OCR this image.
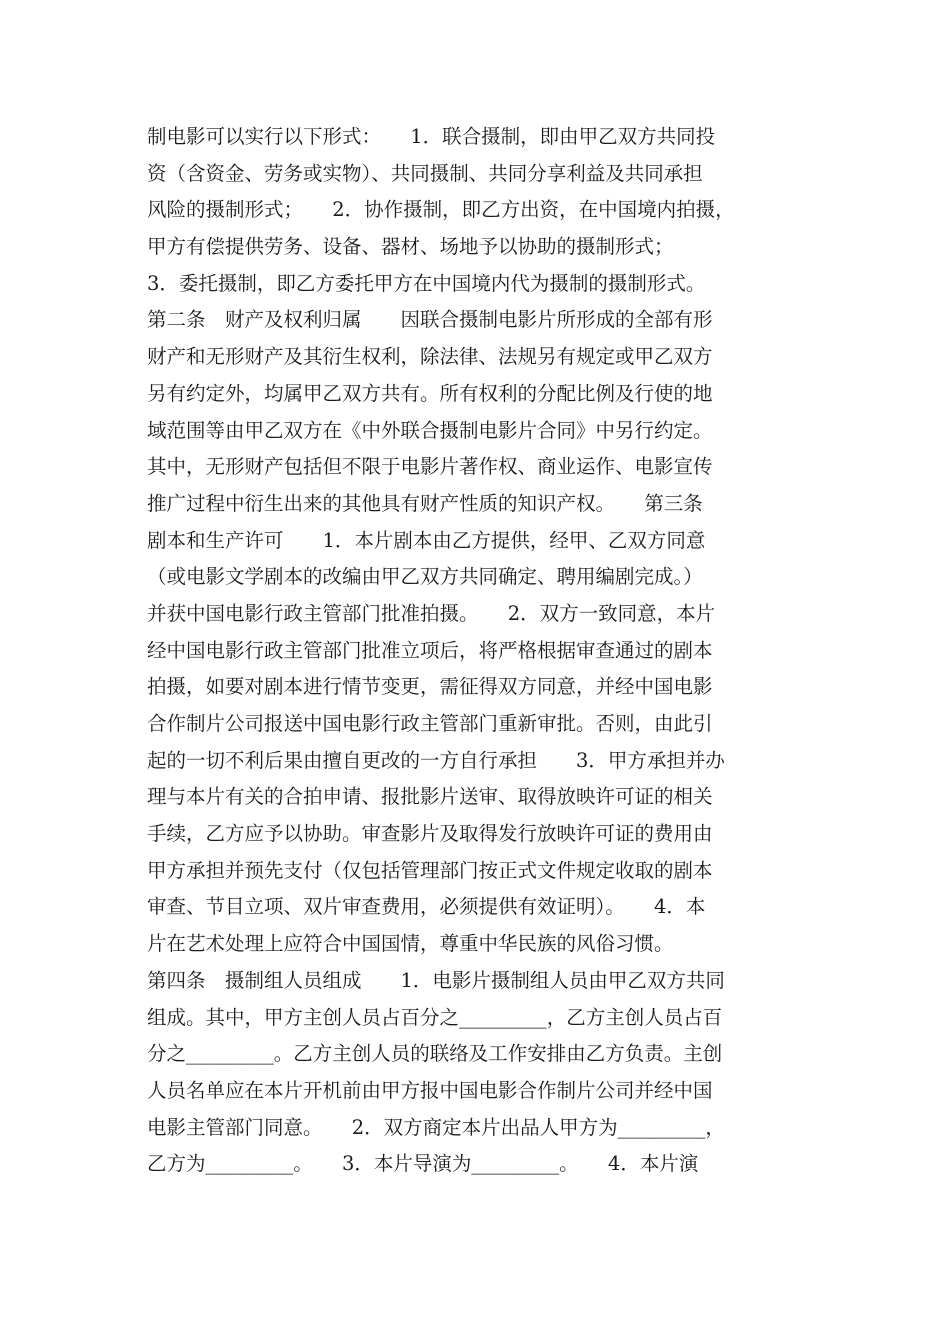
制电影可以实行以下形式：　　1．联合摄制，即由甲乙双方共同投
资（含资金、劳务或实物）、共同摄制、共同分享利益及共同承担
风险的摄制形式；　　2．协作摄制，即乙方出资，在中国境内拍摄，
甲方有偿提供劳务、设备、器材、场地予以协助的摄制形式；
3．委托摄制，即乙方委托甲方在中国境内代为摄制的摄制形式。
第二条　财产及权利归属　　因联合摄制电影片所形成的全部有形
财产和无形财产及其衍生权利，除法律、法规另有规定或甲乙双方
另有约定外，均属甲乙双方共有。所有权利的分配比例及行使的地
域范围等由甲乙双方在《中外联合摄制电影片合同》中另行约定。
其中，无形财产包括但不限于电影片著作权、商业运作、电影宣传
推广过程中衍生出来的其他具有财产性质的知识产权。　　第三条
剧本和生产许可　　1．本片剧本由乙方提供，经甲、乙双方同意
（或电影文学剧本的改编由甲乙双方共同确定、聘用编剧完成。）
并获中国电影行政主管部门批准拍摄。　　2．双方一致同意，本片
经中国电影行政主管部门批准立项后，将严格根据审查通过的剧本
拍摄，如要对剧本进行情节变更，需征得双方同意，并经中国电影
合作制片公司报送中国电影行政主管部门重新审批。否则，由此引
起的一切不利后果由擅自更改的一方自行承担　　3．甲方承担并办
理与本片有关的合拍申请、报批影片送审、取得放映许可证的相关
手续，乙方应予以协助。审查影片及取得发行放映许可证的费用由
甲方承担并预先支付（仅包括管理部门按正式文件规定收取的剧本
审查、节目立项、双片审查费用，必须提供有效证明）。　　4．本
片在艺术处理上应符合中国国情，尊重中华民族的风俗习惯。
第四条　摄制组人员组成　　1．电影片摄制组人员由甲乙双方共同
组成。其中，甲方主创人员占百分之_________，乙方主创人员占百
分之_________。乙方主创人员的联络及工作安排由乙方负责。主创
人员名单应在本片开机前由甲方报中国电影合作制片公司并经中国
电影主管部门同意。　　2．双方商定本片出品人甲方为_________，
乙方为_________。　　3．本片导演为_________。　　4．本片演
